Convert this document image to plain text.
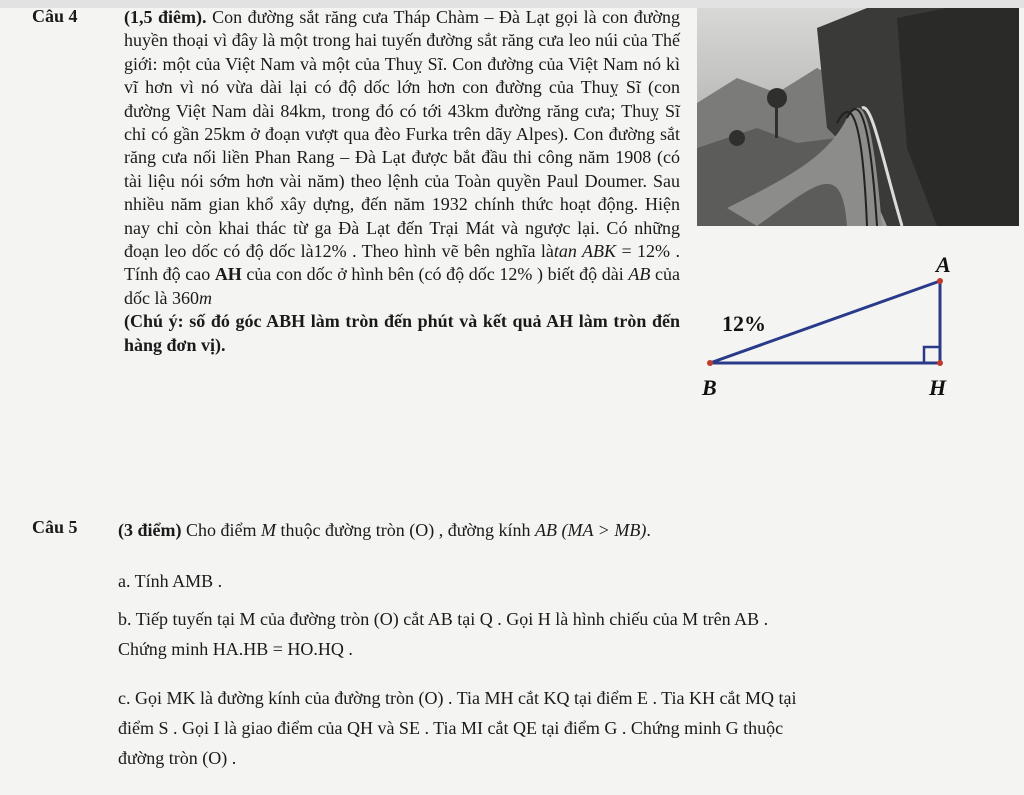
Câu 4	(1,5 điêm). Con đường sắt răng cưa Tháp Chàm – Đà Lạt gọi là con đường huyền thoại vì đây là một trong hai tuyến đường sắt răng cưa leo núi của Thế giới: một của Việt Nam và một của Thuỵ Sĩ. Con đường của Việt Nam nó kì vĩ hơn vì nó vừa dài lại có độ dốc lớn hơn con đường của Thuỵ Sĩ (con đường Việt Nam dài 84km, trong đó có tới 43km đường răng cưa; Thuỵ Sĩ chỉ có gần 25km ở đoạn vượt qua đèo Furka trên dãy Alpes). Con đường sắt răng cưa nối liền Phan Rang – Đà Lạt được bắt đầu thi công năm 1908 (có tài liệu nói sớm hơn vài năm) theo lệnh của Toàn quyền Paul Doumer. Sau nhiều năm gian khổ xây dựng, đến năm 1932 chính thức hoạt động. Hiện nay chỉ còn khai thác từ ga Đà Lạt đến Trại Mát và ngược lại. Có những đoạn leo dốc có độ dốc là12% . Theo hình vẽ bên nghĩa làtan ABK = 12% . Tính độ cao AH của con dốc ở hình bên (có độ dốc 12% ) biết độ dài AB của dốc là 360m
(Chú ý: số đó góc ABH làm tròn đến phút và kết quả AH làm tròn đến hàng đơn vị).
A
B	H
12%
Câu 5 (3 điểm) Cho điểm M thuộc đường tròn (O) , đường kính AB (MA > MB).
a. Tính AMB .
b. Tiếp tuyến tại M của đường tròn (O) cắt AB tại Q . Gọi H là hình chiếu của M trên AB .
Chứng minh HA.HB = HO.HQ .
c. Gọi MK là đường kính của đường tròn (O) . Tia MH cắt KQ tại điểm E . Tia KH cắt MQ tại
điểm S . Gọi I là giao điểm của QH và SE . Tia MI cắt QE tại điểm G . Chứng minh G thuộc
đường tròn (O) .
